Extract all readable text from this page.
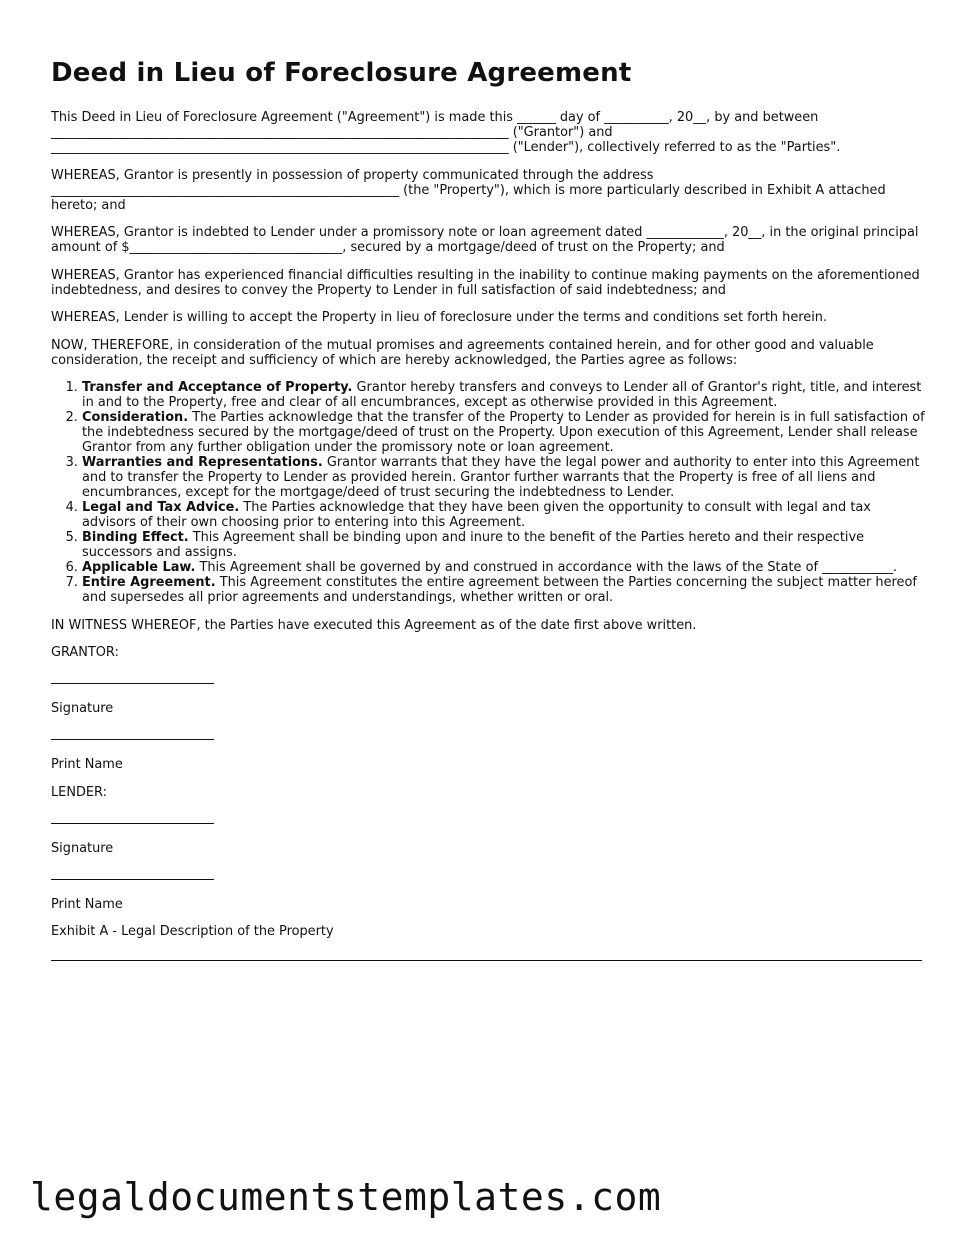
Deed in Lieu of Foreclosure Agreement

This Deed in Lieu of Foreclosure Agreement ("Agreement") is made this ______ day of __________, 20__, by and between _______________________________________________________________________ ("Grantor") and _______________________________________________________________________ ("Lender"), collectively referred to as the "Parties".

WHEREAS, Grantor is presently in possession of property communicated through the address ______________________________________________________ (the "Property"), which is more particularly described in Exhibit A attached hereto; and

WHEREAS, Grantor is indebted to Lender under a promissory note or loan agreement dated ____________, 20__, in the original principal amount of $_________________________________, secured by a mortgage/deed of trust on the Property; and

WHEREAS, Grantor has experienced financial difficulties resulting in the inability to continue making payments on the aforementioned indebtedness, and desires to convey the Property to Lender in full satisfaction of said indebtedness; and

WHEREAS, Lender is willing to accept the Property in lieu of foreclosure under the terms and conditions set forth herein.

NOW, THEREFORE, in consideration of the mutual promises and agreements contained herein, and for other good and valuable consideration, the receipt and sufficiency of which are hereby acknowledged, the Parties agree as follows:

1. Transfer and Acceptance of Property. Grantor hereby transfers and conveys to Lender all of Grantor's right, title, and interest in and to the Property, free and clear of all encumbrances, except as otherwise provided in this Agreement.
2. Consideration. The Parties acknowledge that the transfer of the Property to Lender as provided for herein is in full satisfaction of the indebtedness secured by the mortgage/deed of trust on the Property. Upon execution of this Agreement, Lender shall release Grantor from any further obligation under the promissory note or loan agreement.
3. Warranties and Representations. Grantor warrants that they have the legal power and authority to enter into this Agreement and to transfer the Property to Lender as provided herein. Grantor further warrants that the Property is free of all liens and encumbrances, except for the mortgage/deed of trust securing the indebtedness to Lender.
4. Legal and Tax Advice. The Parties acknowledge that they have been given the opportunity to consult with legal and tax advisors of their own choosing prior to entering into this Agreement.
5. Binding Effect. This Agreement shall be binding upon and inure to the benefit of the Parties hereto and their respective successors and assigns.
6. Applicable Law. This Agreement shall be governed by and construed in accordance with the laws of the State of ___________.
7. Entire Agreement. This Agreement constitutes the entire agreement between the Parties concerning the subject matter hereof and supersedes all prior agreements and understandings, whether written or oral.

IN WITNESS WHEREOF, the Parties have executed this Agreement as of the date first above written.

GRANTOR:
Signature
Print Name
LENDER:
Signature
Print Name
Exhibit A - Legal Description of the Property
legaldocumentstemplates.com
